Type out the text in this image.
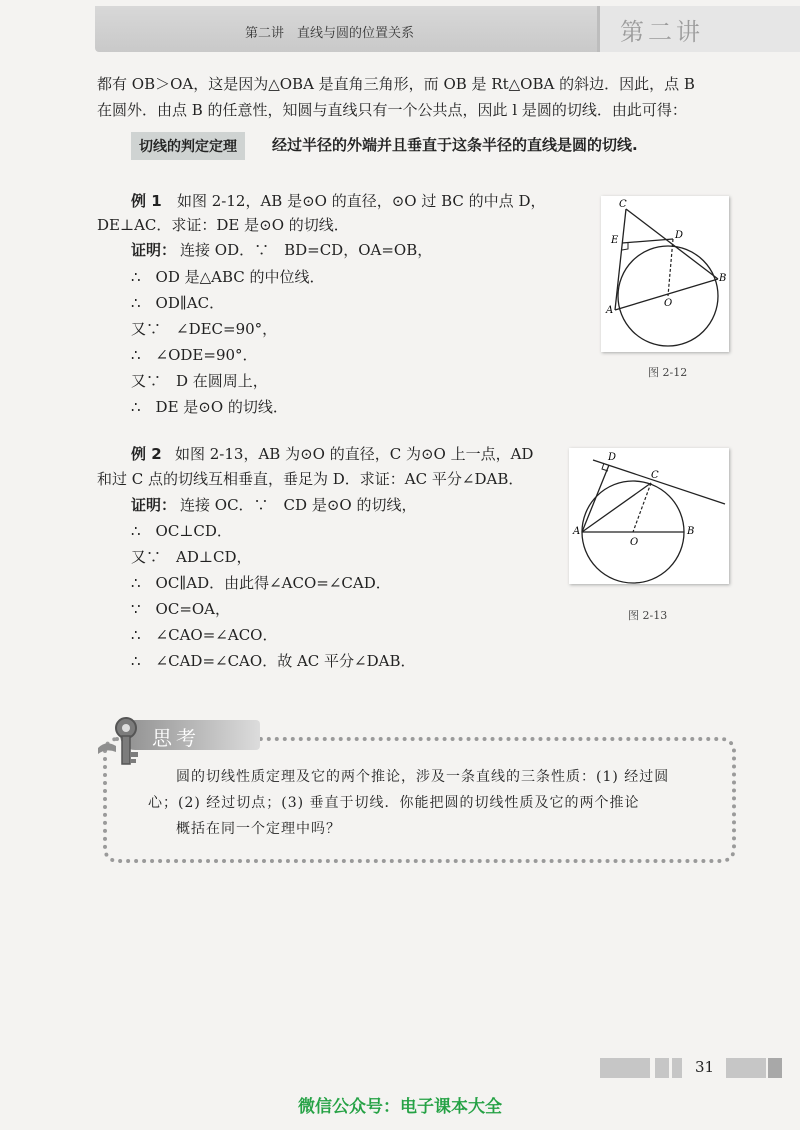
第二讲　直线与圆的位置关系	第二讲
都有 OB＞OA，这是因为△OBA 是直角三角形，而 OB 是 Rt△OBA 的斜边．因此，点 B
在圆外．由点 B 的任意性，知圆与直线只有一个公共点，因此 l 是圆的切线．由此可得：
切线的判定定理	经过半径的外端并且垂直于这条半径的直线是圆的切线.
例 1 如图 2-12，AB 是⊙O 的直径，⊙O 过 BC 的中点 D，
DE⊥AC．求证：DE 是⊙O 的切线．
证明： 连接 OD．∵　BD=CD，OA=OB，
∴　OD 是△ABC 的中位线．
∴　OD∥AC．
又∵　∠DEC=90°，
∴　∠ODE=90°．
又∵　D 在圆周上，
∴　DE 是⊙O 的切线．
C
E	D
B
O
A
图 2-12
例 2 如图 2-13，AB 为⊙O 的直径，C 为⊙O 上一点，AD
和过 C 点的切线互相垂直，垂足为 D．求证：AC 平分∠DAB．
证明： 连接 OC．∵　CD 是⊙O 的切线，
∴　OC⊥CD．
又∵　AD⊥CD，
∴　OC∥AD．由此得∠ACO=∠CAD．
∵　OC=OA，
∴　∠CAO=∠ACO．
∴　∠CAD=∠CAO．故 AC 平分∠DAB．
D
C
A
O
B
图 2-13
思考
圆的切线性质定理及它的两个推论，涉及一条直线的三条性质：(1) 经过圆
心；(2) 经过切点；(3) 垂直于切线．你能把圆的切线性质及它的两个推论
概括在同一个定理中吗？
31
微信公众号：电子课本大全
